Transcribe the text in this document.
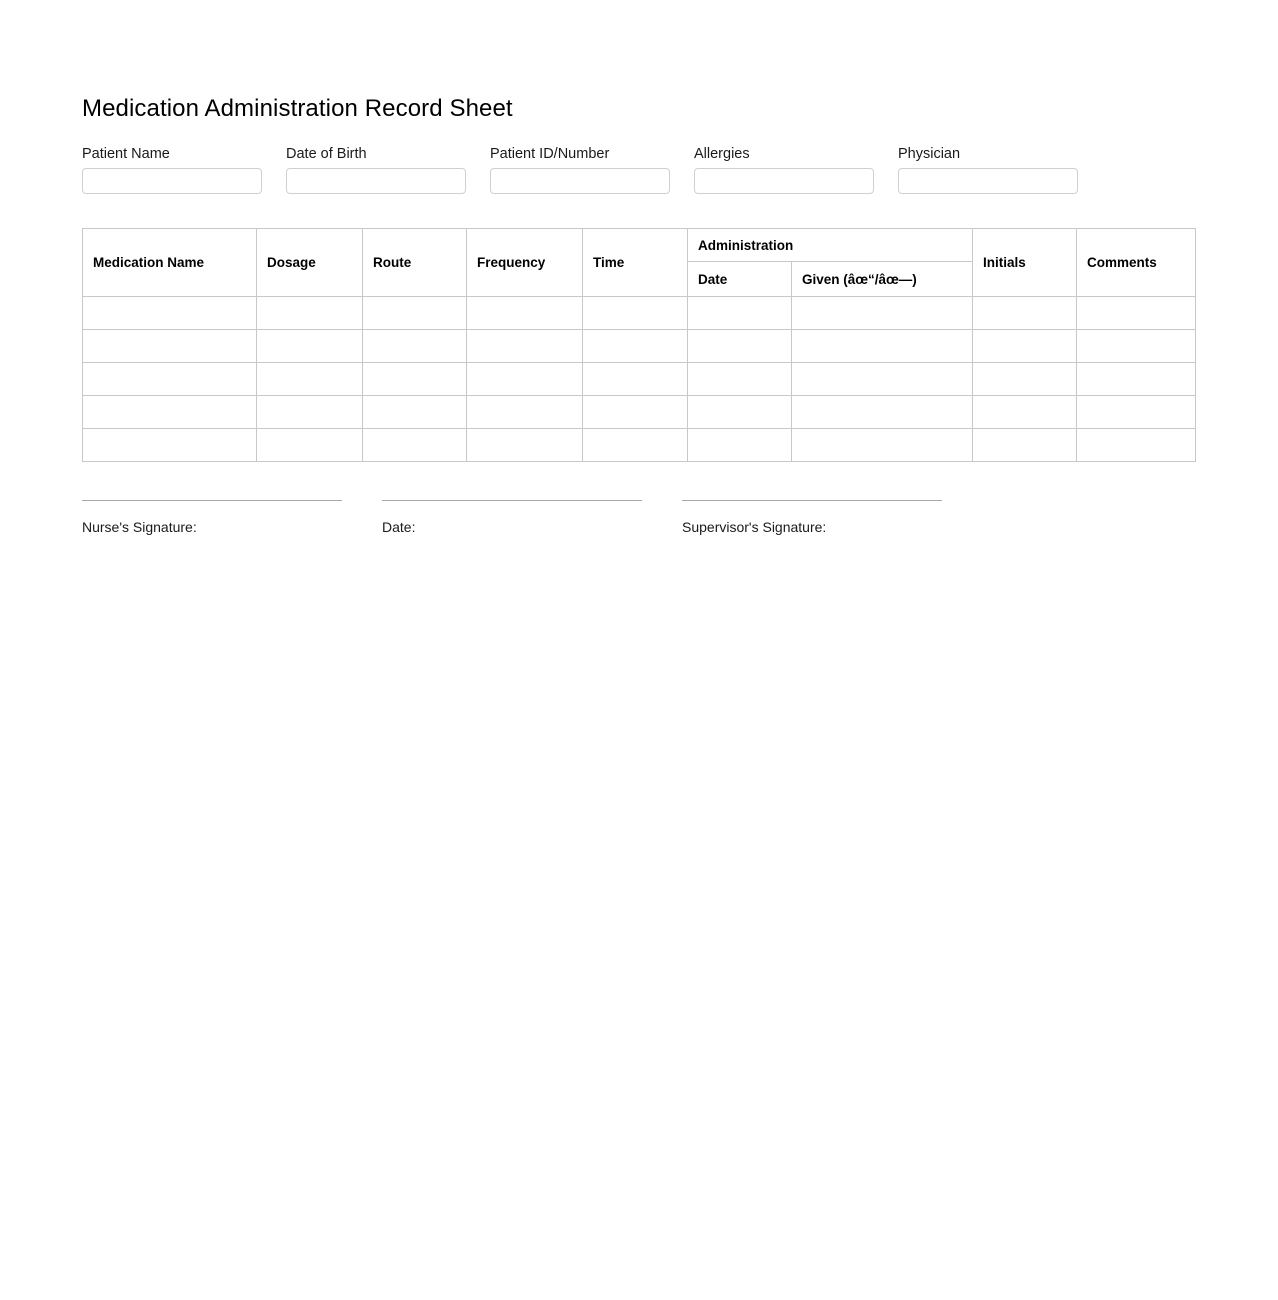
Medication Administration Record Sheet
Patient Name	Date of Birth	Patient ID/Number	Allergies	Physician
Medication Name	Dosage	Route	Frequency	Time	Administration		Initials	Comments
					Date	Given (âœ“/âœ—)		

Nurse's Signature:	Date:	Supervisor's Signature:
